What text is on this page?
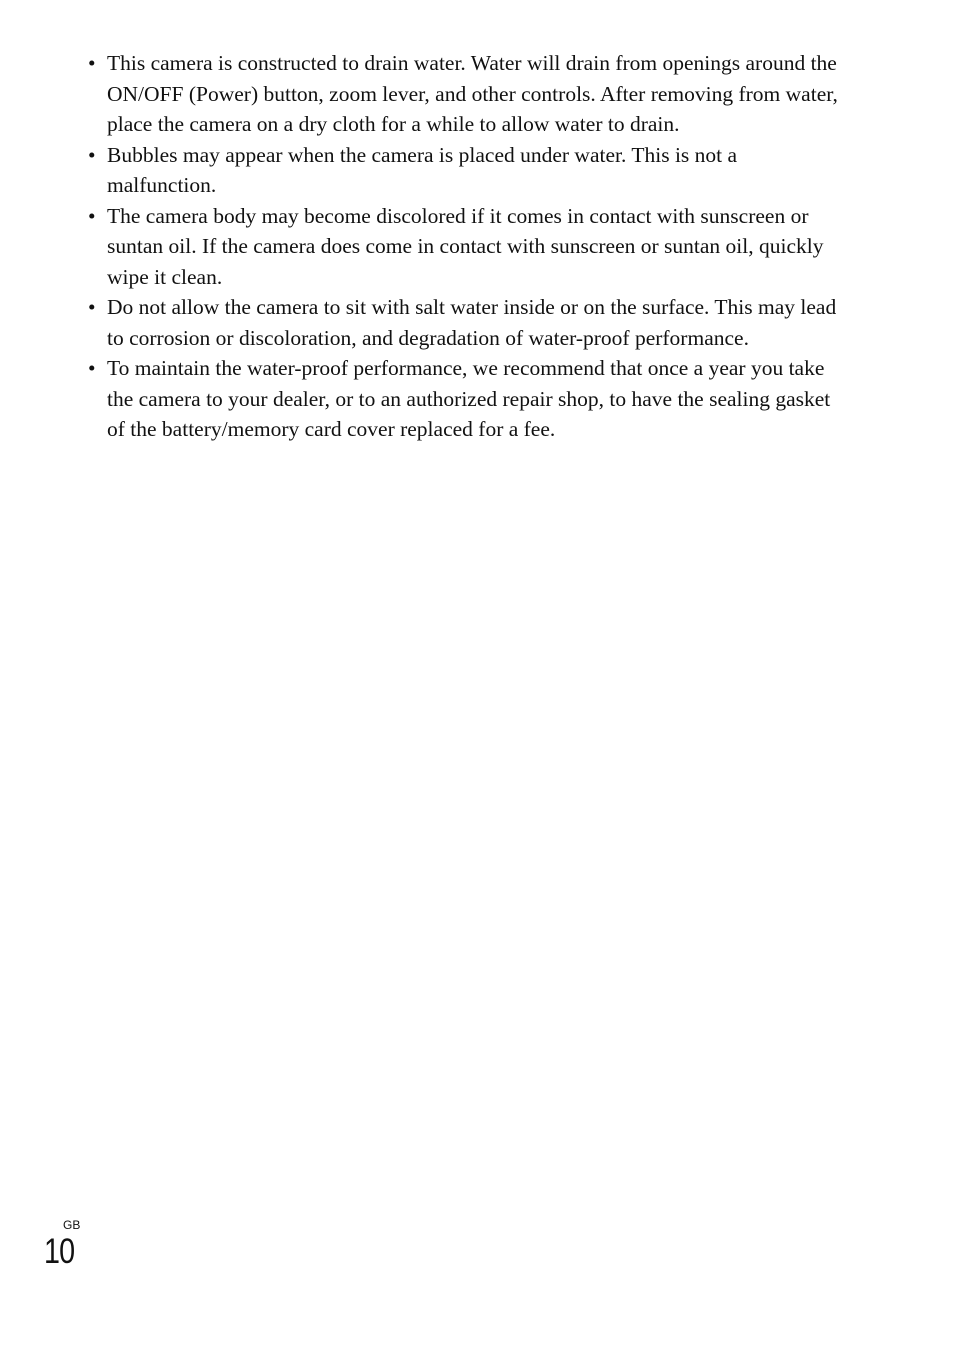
• This camera is constructed to drain water. Water will drain from openings around the ON/OFF (Power) button, zoom lever, and other controls. After removing from water, place the camera on a dry cloth for a while to allow water to drain.
• Bubbles may appear when the camera is placed under water. This is not a malfunction.
• The camera body may become discolored if it comes in contact with sunscreen or suntan oil. If the camera does come in contact with sunscreen or suntan oil, quickly wipe it clean.
• Do not allow the camera to sit with salt water inside or on the surface. This may lead to corrosion or discoloration, and degradation of water-proof performance.
• To maintain the water-proof performance, we recommend that once a year you take the camera to your dealer, or to an authorized repair shop, to have the sealing gasket of the battery/memory card cover replaced for a fee.
GB
10
